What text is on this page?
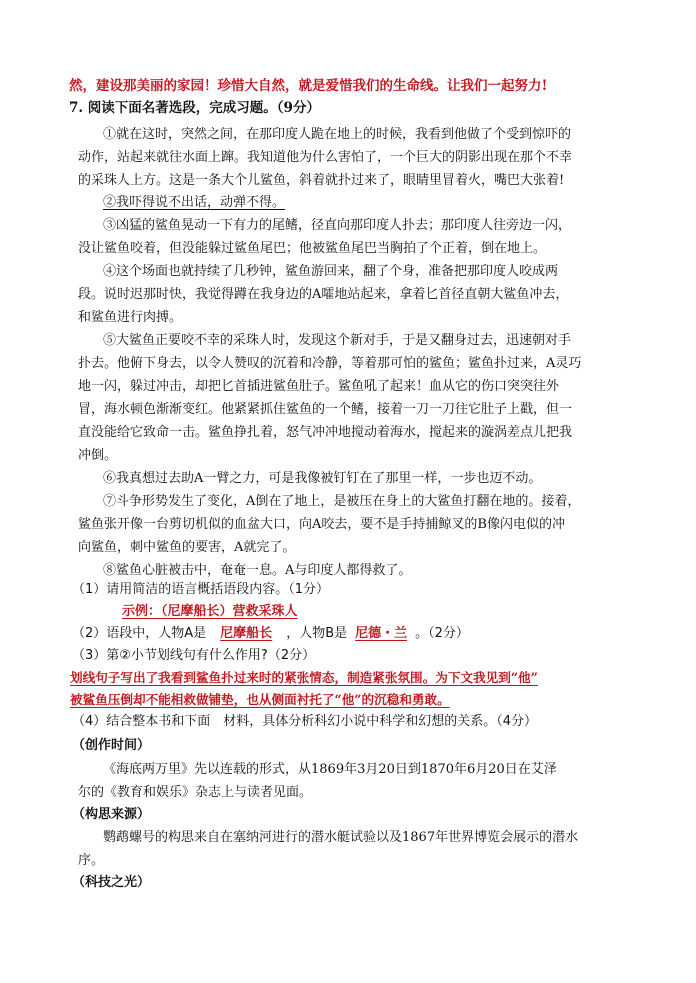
然，建设那美丽的家园！珍惜大自然，就是爱惜我们的生命线。让我们一起努力!
7. 阅读下面名著选段，完成习题。（9分）
①就在这时，突然之间，在那印度人跪在地上的时候，我看到他做了个受到惊吓的
动作，站起来就往水面上蹿。我知道他为什么害怕了，一个巨大的阴影出现在那个不幸
的采珠人上方。这是一条大个儿鲨鱼，斜着就扑过来了，眼睛里冒着火，嘴巴大张着!
②我吓得说不出话，动弹不得。
③凶猛的鲨鱼晃动一下有力的尾鳍，径直向那印度人扑去；那印度人往旁边一闪，
没让鲨鱼咬着，但没能躲过鲨鱼尾巴；他被鲨鱼尾巴当胸拍了个正着，倒在地上。
④这个场面也就持续了几秒钟，鲨鱼游回来，翻了个身，准备把那印度人咬成两
段。说时迟那时快，我觉得蹲在我身边的A嚯地站起来，拿着匕首径直朝大鲨鱼冲去，
和鲨鱼进行肉搏。
⑤大鲨鱼正要咬不幸的采珠人时，发现这个新对手，于是又翻身过去，迅速朝对手
扑去。他俯下身去，以令人赞叹的沉着和冷静，等着那可怕的鲨鱼；鲨鱼扑过来，A灵巧
地一闪，躲过冲击，却把匕首插进鲨鱼肚子。鲨鱼吼了起来！血从它的伤口突突往外
冒，海水顿色渐渐变红。他紧紧抓住鲨鱼的一个鳍，接着一刀一刀往它肚子上戳，但一
直没能给它致命一击。鲨鱼挣扎着，怒气冲冲地搅动着海水，搅起来的漩涡差点儿把我
冲倒。
⑥我真想过去助A一臂之力，可是我像被钉钉在了那里一样，一步也迈不动。
⑦斗争形势发生了变化，A倒在了地上，是被压在身上的大鲨鱼打翻在地的。接着，
鲨鱼张开像一台剪切机似的血盆大口，向A咬去，要不是手持捕鲸叉的B像闪电似的冲
向鲨鱼，刺中鲨鱼的要害，A就完了。
⑧鲨鱼心脏被击中，奄奄一息。A与印度人都得救了。
（1）请用简洁的语言概括语段内容。（1分）
示例：（尼摩船长）营救采珠人
（2）语段中，人物A是 尼摩船长 ，人物B是 尼德・兰 。（2分）
（3）第②小节划线句有什么作用?（2分）
划线句子写出了我看到鲨鱼扑过来时的紧张情态，制造紧张氛围。为下文我见到“他”
被鲨鱼压倒却不能相救做铺垫，也从侧面衬托了“他”的沉稳和勇敢。
（4）结合整本书和下面　材料，具体分析科幻小说中科学和幻想的关系。（4分）
（创作时间）
《海底两万里》先以连载的形式，从1869年3月20日到1870年6月20日在艾泽
尔的《教育和娱乐》杂志上与读者见面。
（构思来源）
鹦鹉螺号的构思来自在塞纳河进行的潜水艇试验以及1867年世界博览会展示的潜水
序。
（科技之光）
